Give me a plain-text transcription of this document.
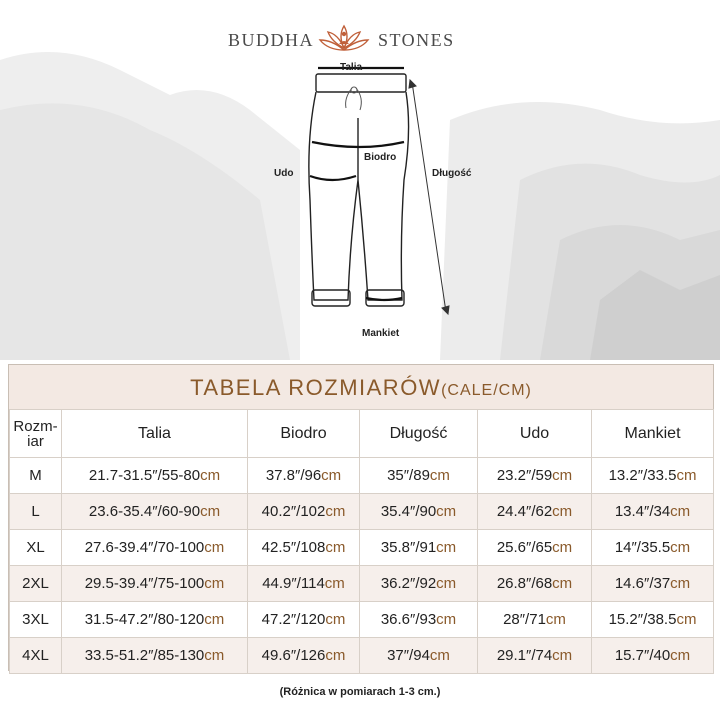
BUDDHA	STONES
Talia
Biodro
Udo	Długość
Mankiet
TABELA ROZMIARÓW(CALE/CM)
Rozm-iar	Talia	Biodro	Długość	Udo	Mankiet
M	21.7-31.5″/55-80cm	37.8″/96cm	35″/89cm	23.2″/59cm	13.2″/33.5cm
L	23.6-35.4″/60-90cm	40.2″/102cm	35.4″/90cm	24.4″/62cm	13.4″/34cm
XL	27.6-39.4″/70-100cm	42.5″/108cm	35.8″/91cm	25.6″/65cm	14″/35.5cm
2XL	29.5-39.4″/75-100cm	44.9″/114cm	36.2″/92cm	26.8″/68cm	14.6″/37cm
3XL	31.5-47.2″/80-120cm	47.2″/120cm	36.6″/93cm	28″/71cm	15.2″/38.5cm
4XL	33.5-51.2″/85-130cm	49.6″/126cm	37″/94cm	29.1″/74cm	15.7″/40cm
(Różnica w pomiarach 1-3 cm.)
